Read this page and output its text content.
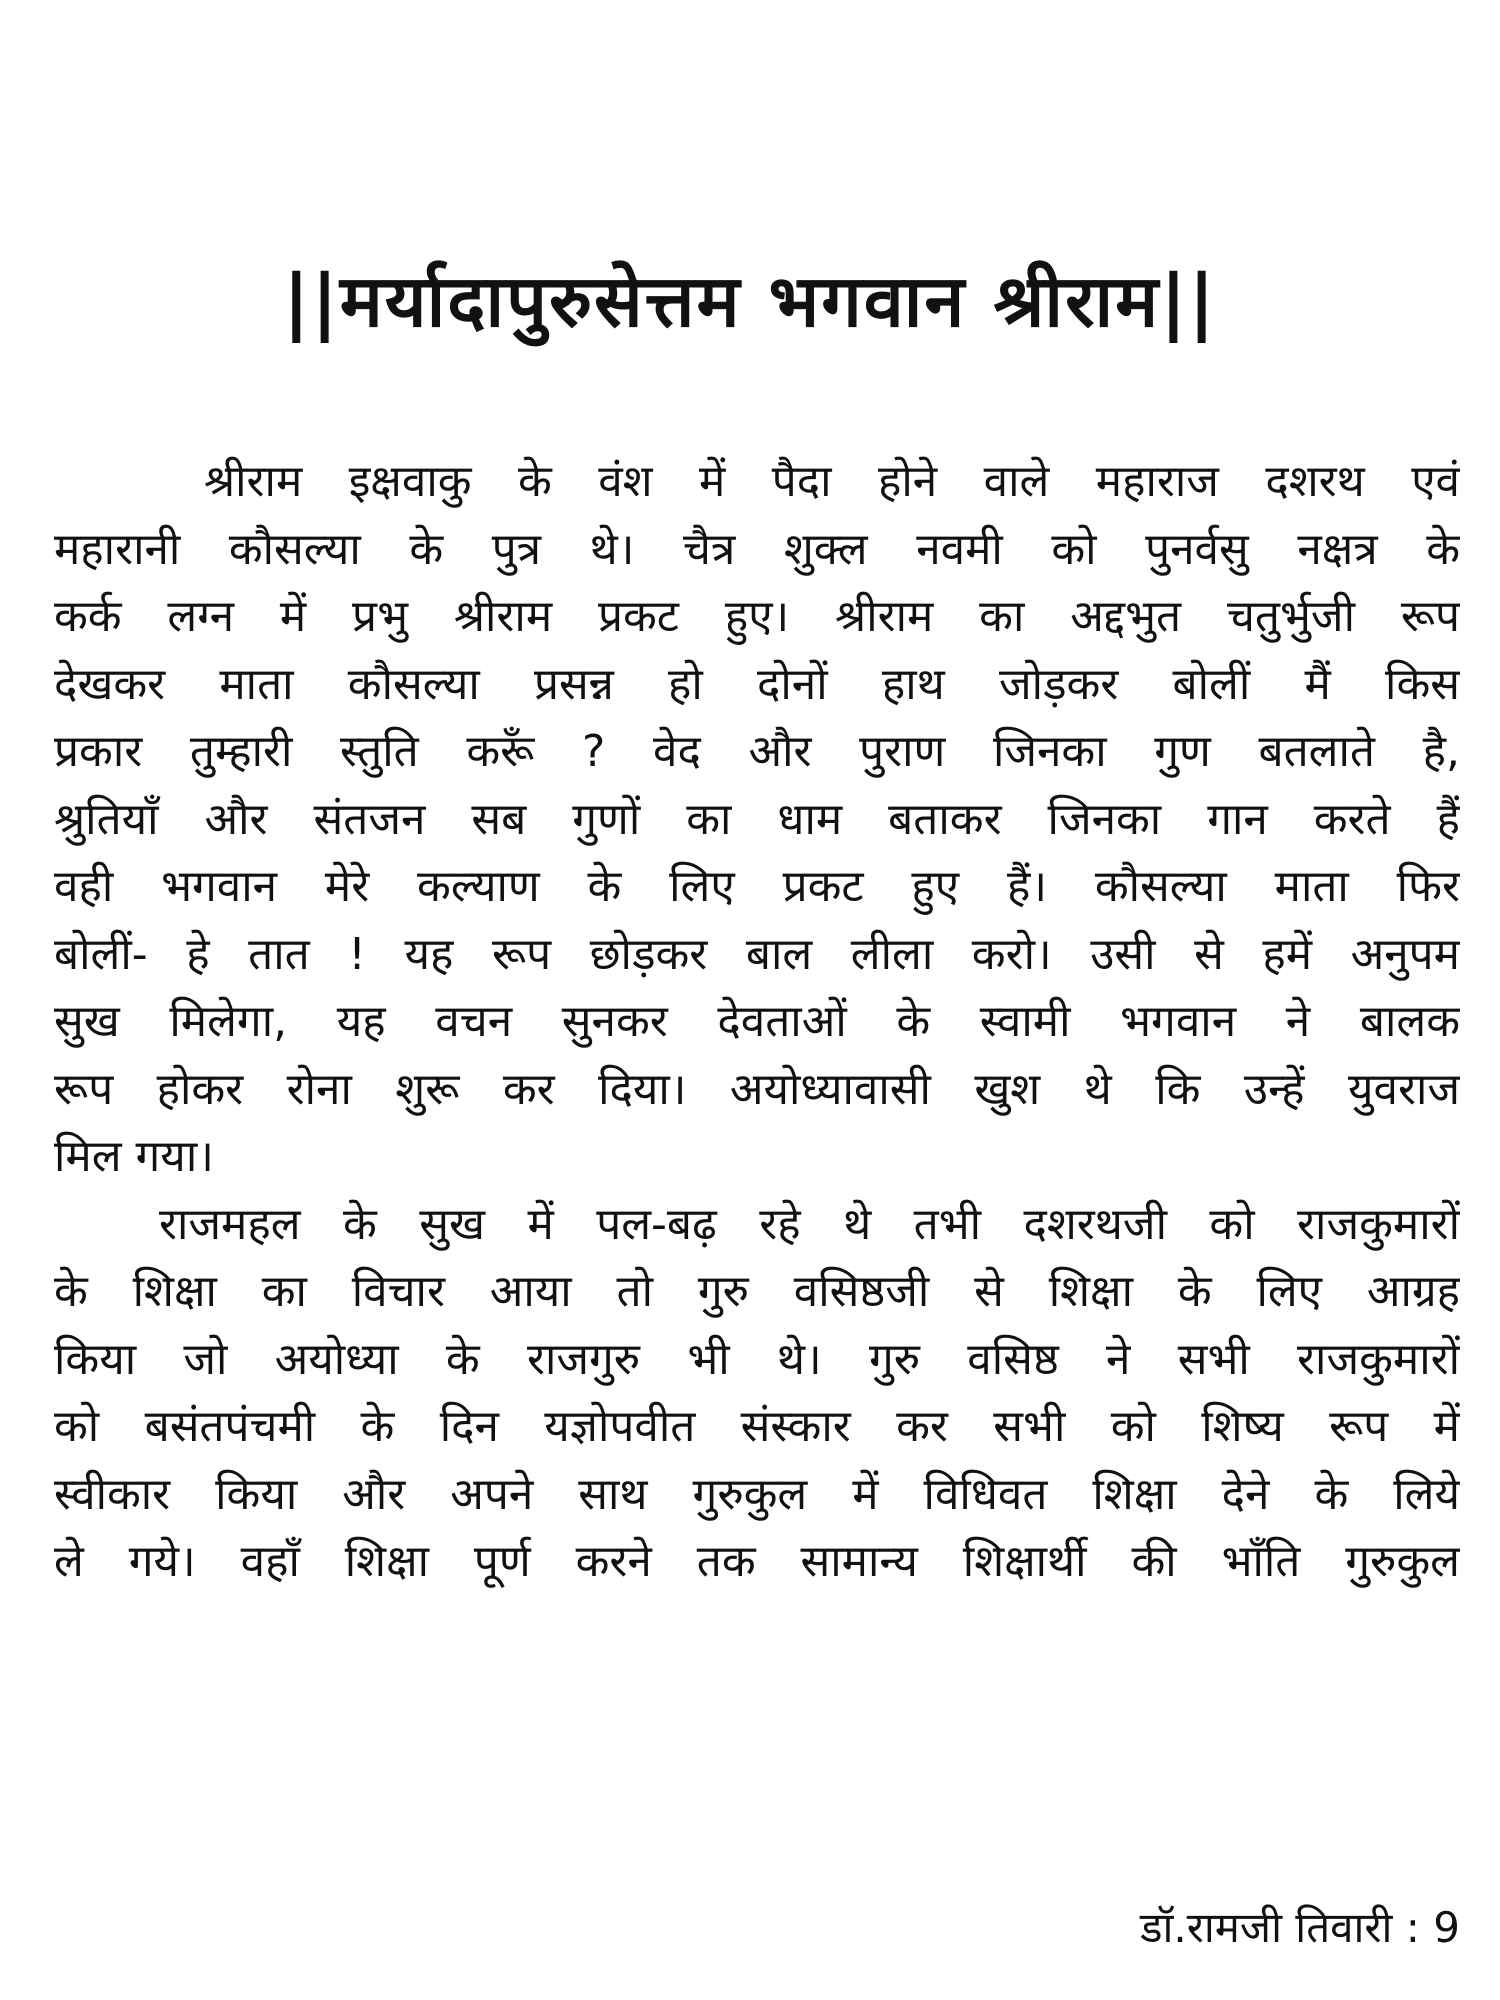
||मर्यादापुरुसेत्तम भगवान श्रीराम||
श्रीराम इक्षवाकु के वंश में पैदा होने वाले महाराज दशरथ एवं
महारानी कौसल्या के पुत्र थे। चैत्र शुक्ल नवमी को पुनर्वसु नक्षत्र के
कर्क लग्न में प्रभु श्रीराम प्रकट हुए। श्रीराम का अद्दभुत चतुर्भुजी रूप
देखकर माता कौसल्या प्रसन्न हो दोनों हाथ जोड़कर बोलीं मैं किस
प्रकार तुम्हारी स्तुति करूँ ? वेद और पुराण जिनका गुण बतलाते है,
श्रुतियाँ और संतजन सब गुणों का धाम बताकर जिनका गान करते हैं
वही भगवान मेरे कल्याण के लिए प्रकट हुए हैं। कौसल्या माता फिर
बोलीं- हे तात ! यह रूप छोड़कर बाल लीला करो। उसी से हमें अनुपम
सुख मिलेगा, यह वचन सुनकर देवताओं के स्वामी भगवान ने बालक
रूप होकर रोना शुरू कर दिया। अयोध्यावासी खुश थे कि उन्हें युवराज
मिल गया।
राजमहल के सुख में पल-बढ़ रहे थे तभी दशरथजी को राजकुमारों
के शिक्षा का विचार आया तो गुरु वसिष्ठजी से शिक्षा के लिए आग्रह
किया जो अयोध्या के राजगुरु भी थे। गुरु वसिष्ठ ने सभी राजकुमारों
को बसंतपंचमी के दिन यज्ञोपवीत संस्कार कर सभी को शिष्य रूप में
स्वीकार किया और अपने साथ गुरुकुल में विधिवत शिक्षा देने के लिये
ले गये। वहाँ शिक्षा पूर्ण करने तक सामान्य शिक्षार्थी की भाँति गुरुकुल
डॉ.रामजी तिवारी : 9
